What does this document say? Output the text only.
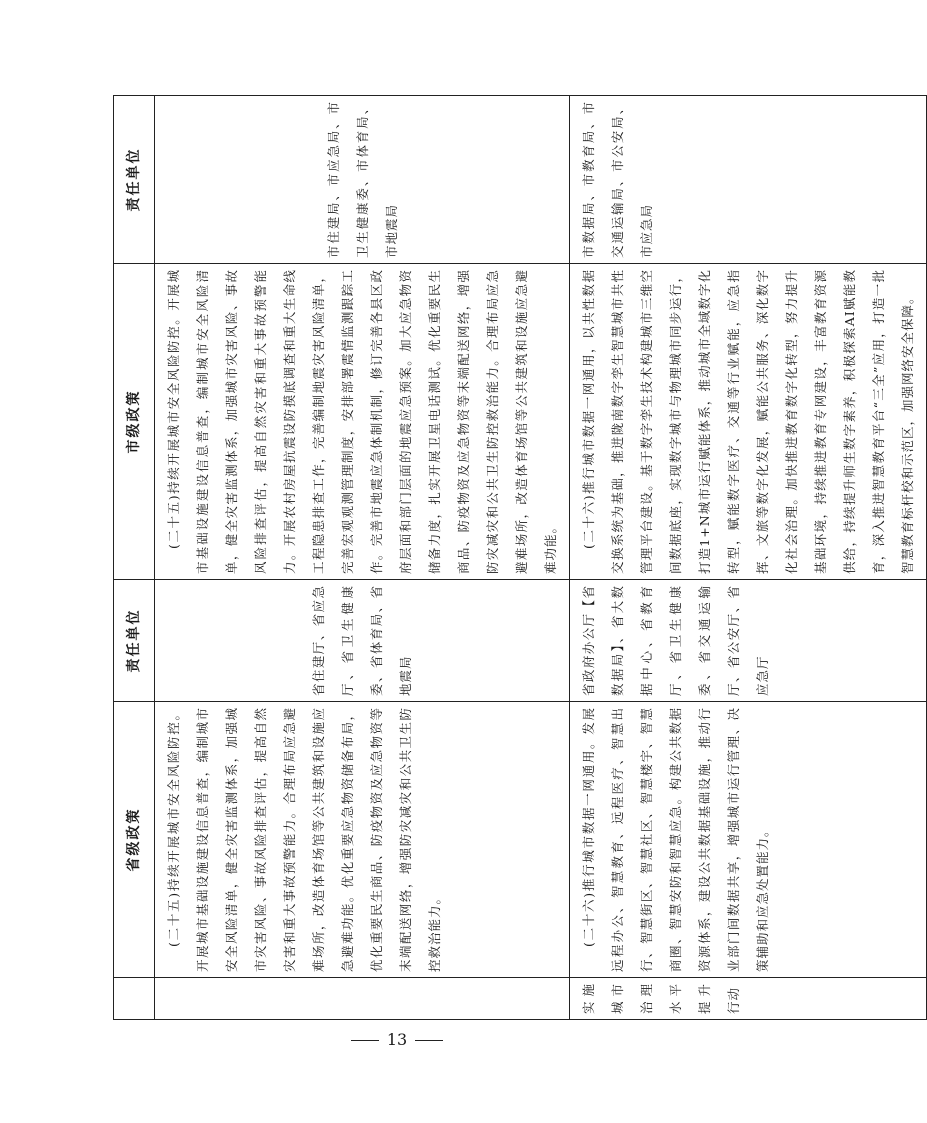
	省级政策	责任单位	市级政策	责任单位
	(二十五)持续开展城市安全风险防控。开展城市基础设施建设信息普查，编制城市安全风险清单，健全灾害监测体系，加强城市灾害风险、事故风险排查评估，提高自然灾害和重大事故预警能力。合理布局应急避难场所，改造体育场馆等公共建筑和设施应急避难功能。优化重要应急物资储备布局，优化重要民生商品、防疫物资及应急物资等末端配送网络，增强防灾减灾和公共卫生防控救治能力。	省住建厅、省应急厅、省卫生健康委、省体育局、省地震局	(二十五)持续开展城市安全风险防控。开展城市基础设施建设信息普查，编制城市安全风险清单，健全灾害监测体系，加强城市灾害风险、事故风险排查评估，提高自然灾害和重大事故预警能力。开展农村房屋抗震设防摸底调查和重大生命线工程隐患排查工作，完善编制地震灾害风险清单，完善宏观观测管理制度，安排部署震情监测跟踪工作。完善市地震应急体制机制，修订完善各县区政府层面和部门层面的地震应急预案。加大应急物资储备力度，扎实开展卫星电话测试。优化重要民生商品、防疫物资及应急物资等末端配送网络，增强防灾减灾和公共卫生防控救治能力。合理布局应急避难场所，改造体育场馆等公共建筑和设施应急避难功能。	市住建局、市应急局、市卫生健康委、市体育局、市地震局
实施城市治理水平提升行动	(二十六)推行城市数据一网通用。发展远程办公、智慧教育、远程医疗、智慧出行、智慧街区、智慧社区、智慧楼宇、智慧商圈、智慧安防和智慧应急。构建公共数据资源体系，建设公共数据基础设施，推动行业部门间数据共享，增强城市运行管理、决策辅助和应急处置能力。	省政府办公厅【省数据局】、省大数据中心、省教育厅、省卫生健康委、省交通运输厅、省公安厅、省应急厅	(二十六)推行城市数据一网通用，以共性数据交换系统为基础，推进陇南数字孪生智慧城市共性管理平台建设。基于数字孪生技术构建城市三维空间数据底座，实现数字城市与物理城市同步运行，打造1+N城市运行赋能体系，推动城市全域数字化转型，赋能数字医疗、交通等行业赋能，应急指挥、文旅等数字化发展，赋能公共服务、深化数字化社会治理。加快推进教育数字化转型，努力提升基础环境，持续推进教育专网建设，丰富教育资源供给，持续提升师生数字素养，积极探索AI赋能教育，深入推进智慧教育平台“三全”应用，打造一批智慧教育标杆校和示范区，加强网络安全保障。	市数据局、市教育局、市交通运输局、市公安局、市应急局
13
